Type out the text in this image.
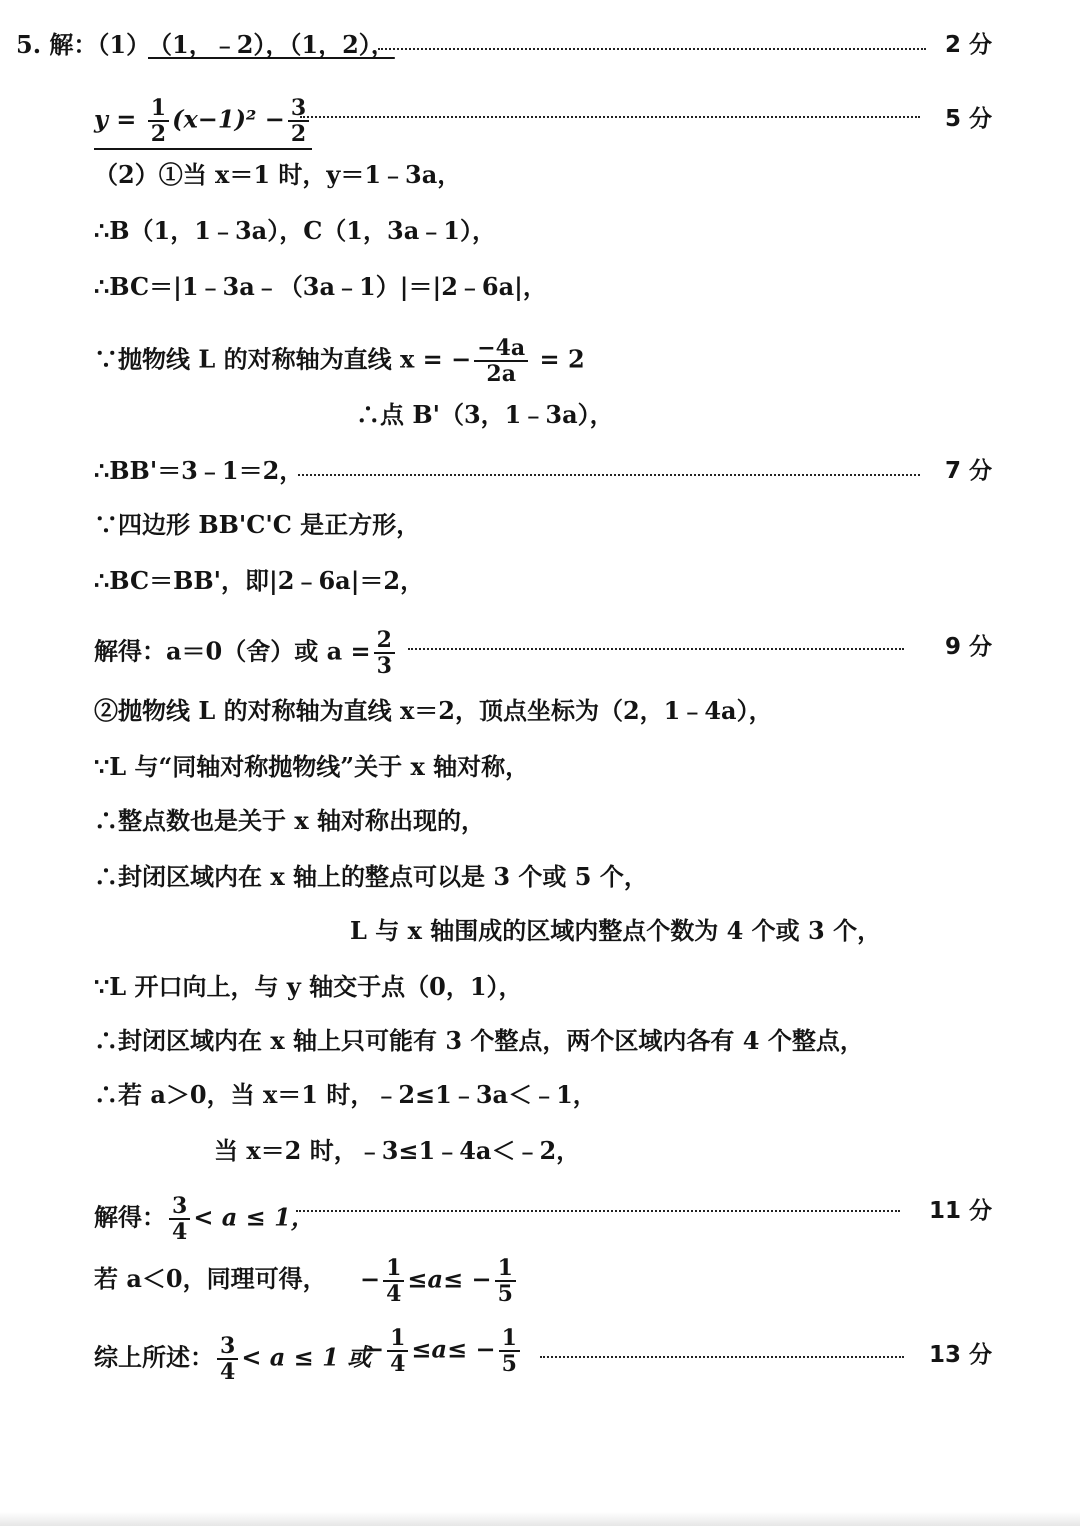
5. 解：（1）
（1，﹣2），（1，2），	2 分
$y = \frac{1}{2} (x-1)^2 - \frac{3}{2}$	5 分
（2）①当 x＝1 时，y＝1﹣3a，
∴B（1，1﹣3a），C（1，3a﹣1），
∴BC＝|1﹣3a﹣（3a﹣1）|＝|2﹣6a|，
∵抛物线 L 的对称轴为直线 x = − $\frac{-4a}{2a} = 2$
∴点 B'（3，1﹣3a），
∴BB'＝3﹣1＝2，	7 分
∵四边形 BB'C'C 是正方形，
∴BC＝BB'，即|2﹣6a|＝2，
解得：a＝0（舍）或 $a = \frac{2}{3}$	9 分
②抛物线 L 的对称轴为直线 x＝2，顶点坐标为（2，1﹣4a），
∵L 与“同轴对称抛物线”关于 x 轴对称，
∴整点数也是关于 x 轴对称出现的，
∴封闭区域内在 x 轴上的整点可以是 3 个或 5 个，
L 与 x 轴围成的区域内整点个数为 4 个或 3 个，
∵L 开口向上，与 y 轴交于点（0，1），
∴封闭区域内在 x 轴上只可能有 3 个整点，两个区域内各有 4 个整点，
∴若 a＞0，当 x＝1 时，﹣2≤1﹣3a＜﹣1，
当 x＝2 时，﹣3≤1﹣4a＜﹣2，
解得： $\frac{3}{4} < a \le 1$，	11 分
若 a＜0，同理可得， − $\frac{1}{4} \le a\le - \frac{1}{5}$
综上所述： $\frac{3}{4} < a \le 1$ 或
− $\frac{1}{4} \le a\le - \frac{1}{5}$	13 分
